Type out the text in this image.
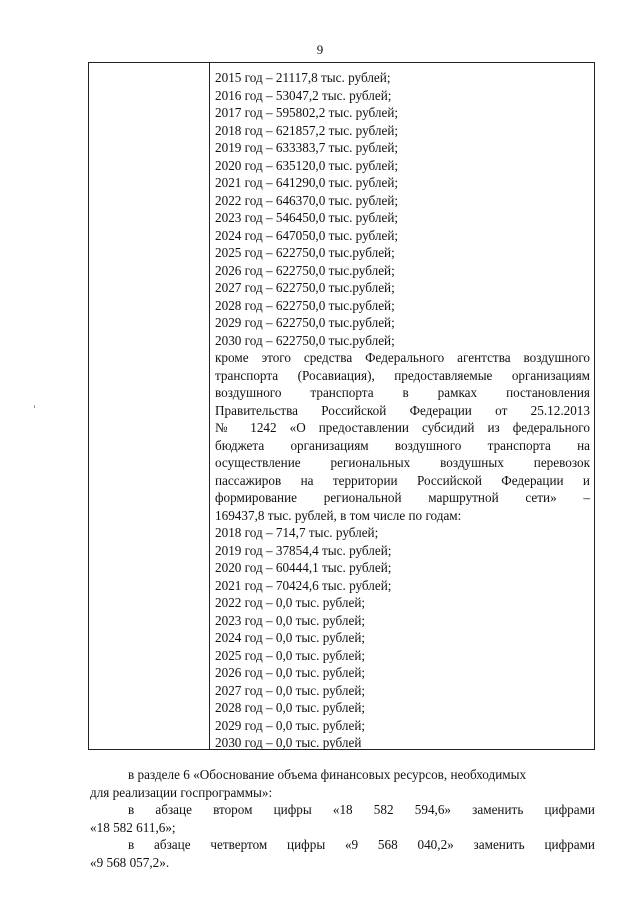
9
2015 год – 21117,8 тыс. рублей;
2016 год – 53047,2 тыс. рублей;
2017 год – 595802,2 тыс. рублей;
2018 год – 621857,2 тыс. рублей;
2019 год – 633383,7 тыс. рублей;
2020 год – 635120,0 тыс. рублей;
2021 год – 641290,0 тыс. рублей;
2022 год – 646370,0 тыс. рублей;
2023 год – 546450,0 тыс. рублей;
2024 год – 647050,0 тыс. рублей;
2025 год – 622750,0 тыс.рублей;
2026 год – 622750,0 тыс.рублей;
2027 год – 622750,0 тыс.рублей;
2028 год – 622750,0 тыс.рублей;
2029 год – 622750,0 тыс.рублей;
2030 год – 622750,0 тыс.рублей;
кроме этого средства Федерального агентства воздушного
транспорта (Росавиация), предоставляемые организациям
воздушного транспорта в рамках постановления
Правительства Российской Федерации от 25.12.2013
№ 1242 «О предоставлении субсидий из федерального
бюджета организациям воздушного транспорта на
осуществление региональных воздушных перевозок
пассажиров на территории Российской Федерации и
формирование региональной маршрутной сети» –
169437,8 тыс. рублей, в том числе по годам:
2018 год – 714,7 тыс. рублей;
2019 год – 37854,4 тыс. рублей;
2020 год – 60444,1 тыс. рублей;
2021 год – 70424,6 тыс. рублей;
2022 год – 0,0 тыс. рублей;
2023 год – 0,0 тыс. рублей;
2024 год – 0,0 тыс. рублей;
2025 год – 0,0 тыс. рублей;
2026 год – 0,0 тыс. рублей;
2027 год – 0,0 тыс. рублей;
2028 год – 0,0 тыс. рублей;
2029 год – 0,0 тыс. рублей;
2030 год – 0,0 тыс. рублей
в разделе 6 «Обоснование объема финансовых ресурсов, необходимых
для реализации госпрограммы»:
в абзаце втором цифры «18 582 594,6» заменить цифрами
«18 582 611,6»;
в абзаце четвертом цифры «9 568 040,2» заменить цифрами
«9 568 057,2».
